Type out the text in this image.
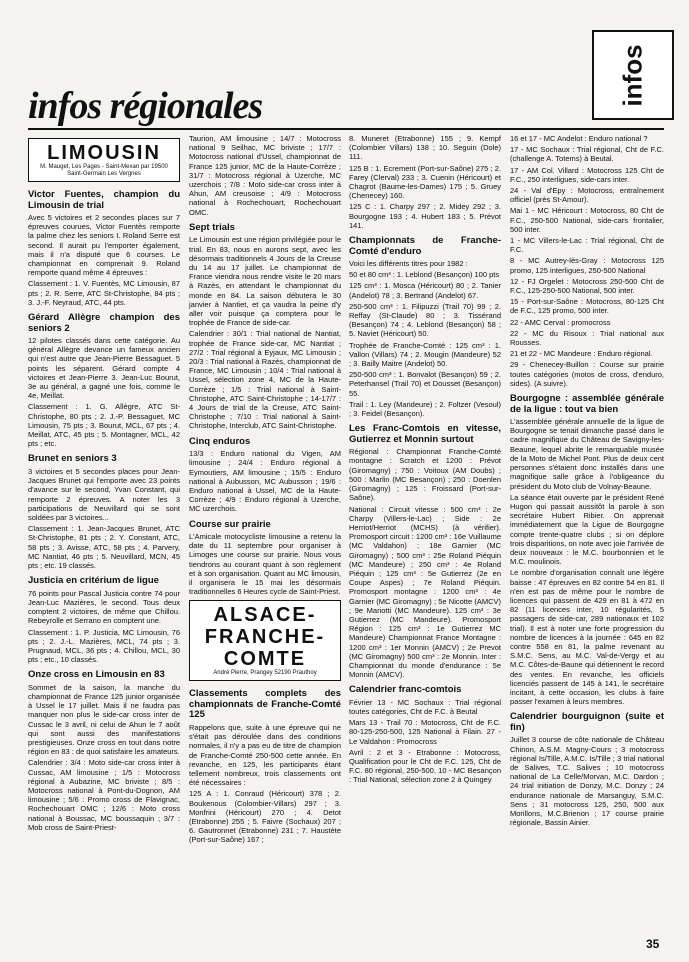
infos régionales	infos
LIMOUSIN
M. Mauget, Les Pages - Saint-Mexan par 19500 Saint-Germain Les Vergnes
Victor Fuentes, champion du Limousin de trial

Avec 5 victoires et 2 secondes places sur 7 épreuves courues, Victor Fuentès remporte la palme chez les seniors I. Roland Serre est second. Il aurait pu l'emporter également, mais il n'a disputé que 6 courses. Le championnat en comprenait 9. Roland remporte quand même 4 épreuves :

Classement : 1. V. Fuentès, MC Limousin, 87 pts ; 2. R. Serre, ATC St-Christophe, 84 pts ; 3. J.-F. Neyraud, ATC, 44 pts.

Gérard Allègre champion des seniors 2

12 pilotes classés dans cette catégorie. Au général Allègre devance un fameux ancien qui n'est autre que Jean-Pierre Bessaguet. 5 points les séparent. Gérard compte 4 victoires et Jean-Pierre 3. Jean-Luc Bourut, 3e au général, a gagné une fois, comme le 4e, Meillat.

Classement : 1. G. Allègre, ATC St-Christophe, 80 pts ; 2. J.-P. Bessaguet, MC Limousin, 75 pts ; 3. Bourut, MCL, 67 pts ; 4. Meillat, ATC, 45 pts ; 5. Montagner, MCL, 42 pts ; etc.

Brunet en seniors 3

3 victoires et 5 secondes places pour Jean-Jacques Brunet qui l'emporte avec 23 points d'avance sur le second, Yvan Constant, qui remporte 2 épreuves. A noter les 3 participations de Neuvillard qui se sont soldées par 3 victoires...

Classement : 1. Jean-Jacques Brunet, ATC St-Christophe, 81 pts ; 2. Y. Constant, ATC, 58 pts ; 3. Avisse, ATC, 58 pts ; 4. Parvery, MC Nantiat, 46 pts ; 5. Neuvillard, MCN, 45 pts ; etc. 19 classés.

Justicia en critérium de ligue

76 points pour Pascal Justicia contre 74 pour Jean-Luc Mazières, le second. Tous deux comptent 2 victoires, de même que Chillou. Rebeyrolle et Serrano en comptent une.

Classement : 1. P. Justicia, MC Limousin, 76 pts ; 2. J.-L. Mazières, MCL, 74 pts ; 3. Prugnaud, MCL, 36 pts ; 4. Chillou, MCL, 30 pts ; etc., 10 classés.

Onze cross en Limousin en 83

Sommet de la saison, la manche du championnat de France 125 junior organisée à Ussel le 17 juillet. Mais il ne faudra pas manquer non plus le side-car cross inter de Cussac le 3 avril, ni celui de Ahun le 7 août qui sont aussi des manifestations prestigieuses. Onze cross en tout dans notre région en 83 : de quoi satisfaire les amateurs.

Calendrier : 3/4 : Moto side-car cross inter à Cussac, AM limousine ; 1/5 : Motocross régional à Aubazine, MC briviste ; 8/5 : Motocross national à Pont-du-Dognon, AM limousine ; 5/6 : Promo cross de Flavignac, Rochechouart OMC ; 12/6 : Moto cross national à Boussac, MC boussaquin ; 3/7 : Mob cross de Saint-Priest-

Taurion, AM limousine ; 14/7 : Motocross national 9 Seilhac, MC briviste ; 17/7 : Motocross national d'Ussel, championnat de France 125 junior, MC de la Haute-Corrèze ; 31/7 : Motocross régional à Uzerche, MC uzerchois ; 7/8 : Moto side-car cross inter à Ahun, AM creusoise ; 4/9 : Motocross national à Rochechouart, Rochechouart OMC.

Sept trials

Le Limousin est une région privilégiée pour le trial. En 83, nous en aurons sept, avec les désormais traditionnels 4 Jours de la Creuse du 14 au 17 juillet. Le championnat de France viendra nous rendre visite le 20 mars à Razès, en attendant le championnat du monde en 84. La saison débutera le 30 janvier à Nantiet, et ça vaudra la peine d'y aller voir puisque ça comptera pour le trophée de France de side-car.

Calendrier : 30/1 : Trial national de Nantiat, trophée de France side-car, MC Nantiat ; 27/2 : Trial régional à Eyjaux, MC Limousin ; 20/3 : Trial national à Razès, championnat de France, MC Limousin ; 10/4 : Trial national à Ussel, sélection zone 4, MC de la Haute-Corrèze ; 1/5 : Trial national à Saint-Christophe, ATC Saint-Christophe ; 14-17/7 : 4 Jours de trial de la Creuse, ATC Saint-Christophe ; 7/10 : Trial national à Saint-Christophe, Interclub, ATC Saint-Christophe.

Cinq enduros

13/3 : Enduro national du Vigen, AM limousine ; 24/4 : Enduro régional à Eymoutiers, AM limousine ; 15/5 : Enduro national à Aubusson, MC Aubusson ; 19/6 : Enduro national à Ussel, MC de la Haute-Corrèze ; 4/9 : Enduro régional à Uzerche, MC uzerchois.

Course sur prairie

L'Amicale motocycliste limousine a retenu la date du 11 septembre pour organiser à Limoges une course sur prairie. Nous vous tiendrons au courant quant à son règlement et à son organisation. Quant au MC limousin, il organisera le 15 mai les désormais traditionnelles 6 Heures cycle de Saint-Priest.

ALSACE-FRANCHE-COMTE
André Pierre, Prangey 52190 Prauthoy
Classements complets des championnats de Franche-Comté 125

Rappelons que, suite à une épreuve qui ne s'était pas déroulée dans des conditions normales, il n'y a pas eu de titre de champion de Franche-Comté 250-500 cette année. En revanche, en 125, les participants étant tellement nombreux, trois classements ont été nécessaires :

125 A : 1. Conraud (Héricourt) 378 ; 2. Boukenous (Colombier-Villars) 297 ; 3. Monfrini (Héricourt) 270 ; 4. Detot (Etrabonne) 255 ; 5. Faivre (Sochaux) 207 ; 6. Gautronnet (Etrabonne) 231 ; 7. Haustète (Port-sur-Saône) 167 ;

8. Muneret (Etrabonne) 155 ; 9. Kempf (Colombier Villars) 138 ; 10. Seguin (Dole) 111.

125 B : 1. Ecrement (Port-sur-Saône) 275 ; 2. Farey (Clerval) 233 ; 3. Cuenin (Héricourt) et Chagrot (Baume-les-Dames) 175 ; 5. Gruey (Chenecey) 160.

125 C : 1. Charpy 297 ; 2. Midey 292 ; 3. Bourgogne 193 ; 4. Hubert 183 ; 5. Prévot 141.

Championnats de Franche-Comté d'enduro

Voici les différents titres pour 1982 :

50 et 80 cm³ : 1. Leblond (Besançon) 100 pts

125 cm³ : 1. Mosca (Héricourt) 80 ; 2. Tanier (Andelot) 78 ; 3. Bertrand (Andelot) 67.

250-500 cm³ : 1. Filipuzzi (Trail 70) 99 ; 2. Reffay (St-Claude) 80 ; 3. Tissérand (Besançon) 74 ; 4. Leblond (Besançon) 58 ; 5. Naviet (Héricourt) 50.

Trophée de Franche-Comté : 125 cm³ : 1. Vallon (Villars) 74 ; 2. Mougin (Mandeure) 52 ; 3. Bailly Maitre (Andelot) 50.

250-500 cm³ : 1. Bonvalot (Besançon) 59 ; 2. Peterhansel (Trail 70) et Dousset (Besançon) 55.

Trail : 1. Ley (Mandeure) ; 2. Foltzer (Vesoul) ; 3. Feidel (Besançon).

Les Franc-Comtois en vitesse, Gutierrez et Monnin surtout

Régional : Championnat Franche-Comté montagne : Scratch et 1200 : Prévot (Giromagny) ; 750 : Voitoux (AM Doubs) ; 500 : Marlin (MC Besançon) ; 250 : Doenlen (Giromagny) ; 125 : Froissard (Port-sur-Saône).

National : Circuit vitesse : 500 cm³ : 2e Charpy (Villers-le-Lac) ; Side : 2e Herriot/Herriot (MCHS) (à vérifier). Promosport circuit : 1200 cm³ : 16e Vuillaume (MC Valdahon) ; 18e Garnier (MC Giromagny) ; 500 cm³ : 25e Roland Piéquin (MC Mandeure) ; 250 cm³ : 4e Roland Piéquin ; 125 cm³ : 5e Gutierrez (2e en Coupe Aspes) ; 7e Roland Piéquin. Promosport montagne : 1200 cm³ : 4e Garnier (MC Giromagny) ; 5e Nicotte (AMCV) ; 9e Mariotti (MC Mandeure). 125 cm³ : 3e Gutierrez (MC Mandeure). Promosport Région : 125 cm³ : 1e Gutierrez MC Mandeure) Championnat France Montagne : 1200 cm³ : 1er Monnin (AMCV) ; 2e Prevot (MC Giromagny) 500 cm³ : 2e Monnin. Inter : Championnat du monde d'endurance : 5e Monnin (AMCV).

Calendrier franc-comtois

Février 13 - MC Sochaux : Trial régional toutes catégories, Cht de F.C. à Beutal

Mars 13 - Trail 70 : Motocross, Cht de F.C. 80-125-250-500, 125 National à Filain. 27 - Le Valdahon : Promocross

Avril : 2 et 3 - Etrabonne : Motocross, Qualification pour le Cht de F.C. 125, Cht de F.C. 80 régional, 250-500. 10 - MC Besançon : Trial National, sélection zone 2 à Quingey

16 et 17 - MC Andelot : Enduro national ?

17 - MC Sochaux : Trial régional, Cht de F.C. (challenge A. Totems) à Beutal.

17 - AM Col. Villard : Motocross 125 Cht de F.C., 250 interligues, side-cars inter.

24 - Val d'Epy : Motocross, entraînement officiel (près St-Amour).

Mai 1 - MC Héricourt : Motocross, 80 Cht de F.C., 250-500 National, side-cars frontalier, 500 inter.

1 - MC Villers-le-Lac : Trial régional, Cht de F.C.

8 - MC Autrey-lès-Gray : Motocross 125 promo, 125 interligues, 250-500 National

12 - FJ Orgelet : Motocross 250-500 Cht de F.C., 125-250-500 National, 500 inter.

15 - Port-sur-Saône : Motocross, 80-125 Cht de F.C., 125 promo, 500 inter.

22 - AMC Cerval : promocross

22 - MC du Risoux : Trial national aux Rousses.

21 et 22 - MC Mandeure : Enduro régional.

29 - Chenecey-Buillon : Course sur prairie toutes catégories (motos de cross, d'enduro, sides). (A suivre).

Bourgogne : assemblée générale de la ligue : tout va bien

L'assemblée générale annuelle de la ligue de Bourgogne se tenait dimanche passé dans le cadre magnifique du Château de Savigny-les-Beaune, lequel abrite le remarquable musée de la Moto de Michel Pont. Plus de deux cent personnes s'étaient donc installés dans une magnifique salle grâce à l'obligeance du président du Moto club de Volnay-Beaune.

La séance était ouverte par le président René Hugon qui passait aussitôt la parole à son secrétaire Hubert Ribier. On apprenait immédiatement que la Ligue de Bourgogne compte trente-quatre clubs ; si on déplore trois disparitions, on note avec joie l'arrivée de deux nouveaux : le M.C. bourbonnien et le M.C. moulinois.

Le nombre d'organisation connaît une légère baisse : 47 épreuves en 82 contre 54 en 81. Il n'en est pas de même pour le nombre de licences qui passent de 429 en 81 à 472 en 82 (11 licences inter, 10 régularités, 5 passagers de side-car, 289 nationaux et 102 trial). Il est à noter une forte progression du nombre de licences à la journée : 645 en 82 contre 558 en 81, la palme revenant au S.M.C. Sens, au M.C. Val-de-Vergy et au M.C. Côtes-de-Baune qui détiennent le record des ventes. En revanche, les officiels licenciés passent de 145 à 141, le secrétaire incitant, à cette occasion, les clubs à faire passer l'examen à leurs membres.

Calendrier bourguignon (suite et fin)

Juillet 3 course de côte nationale de Château Chinon, A.S.M. Magny-Cours ; 3 motocross régional Is/Tille, A.M.C. Is/Tille ; 3 trial national de Salives, T.C. Salives ; 10 motocross national de La Celle/Morvan, M.C. Dardon ; 24 trial initiation de Donzy, M.C. Donzy ; 24 endurance nationale de Marsanguy, S.M.C. Sens ; 31 motocross 125, 250, 500 aux Morillons, M.C.Brienon ; 17 course prairie régionale, Bassin Ainier.

35
